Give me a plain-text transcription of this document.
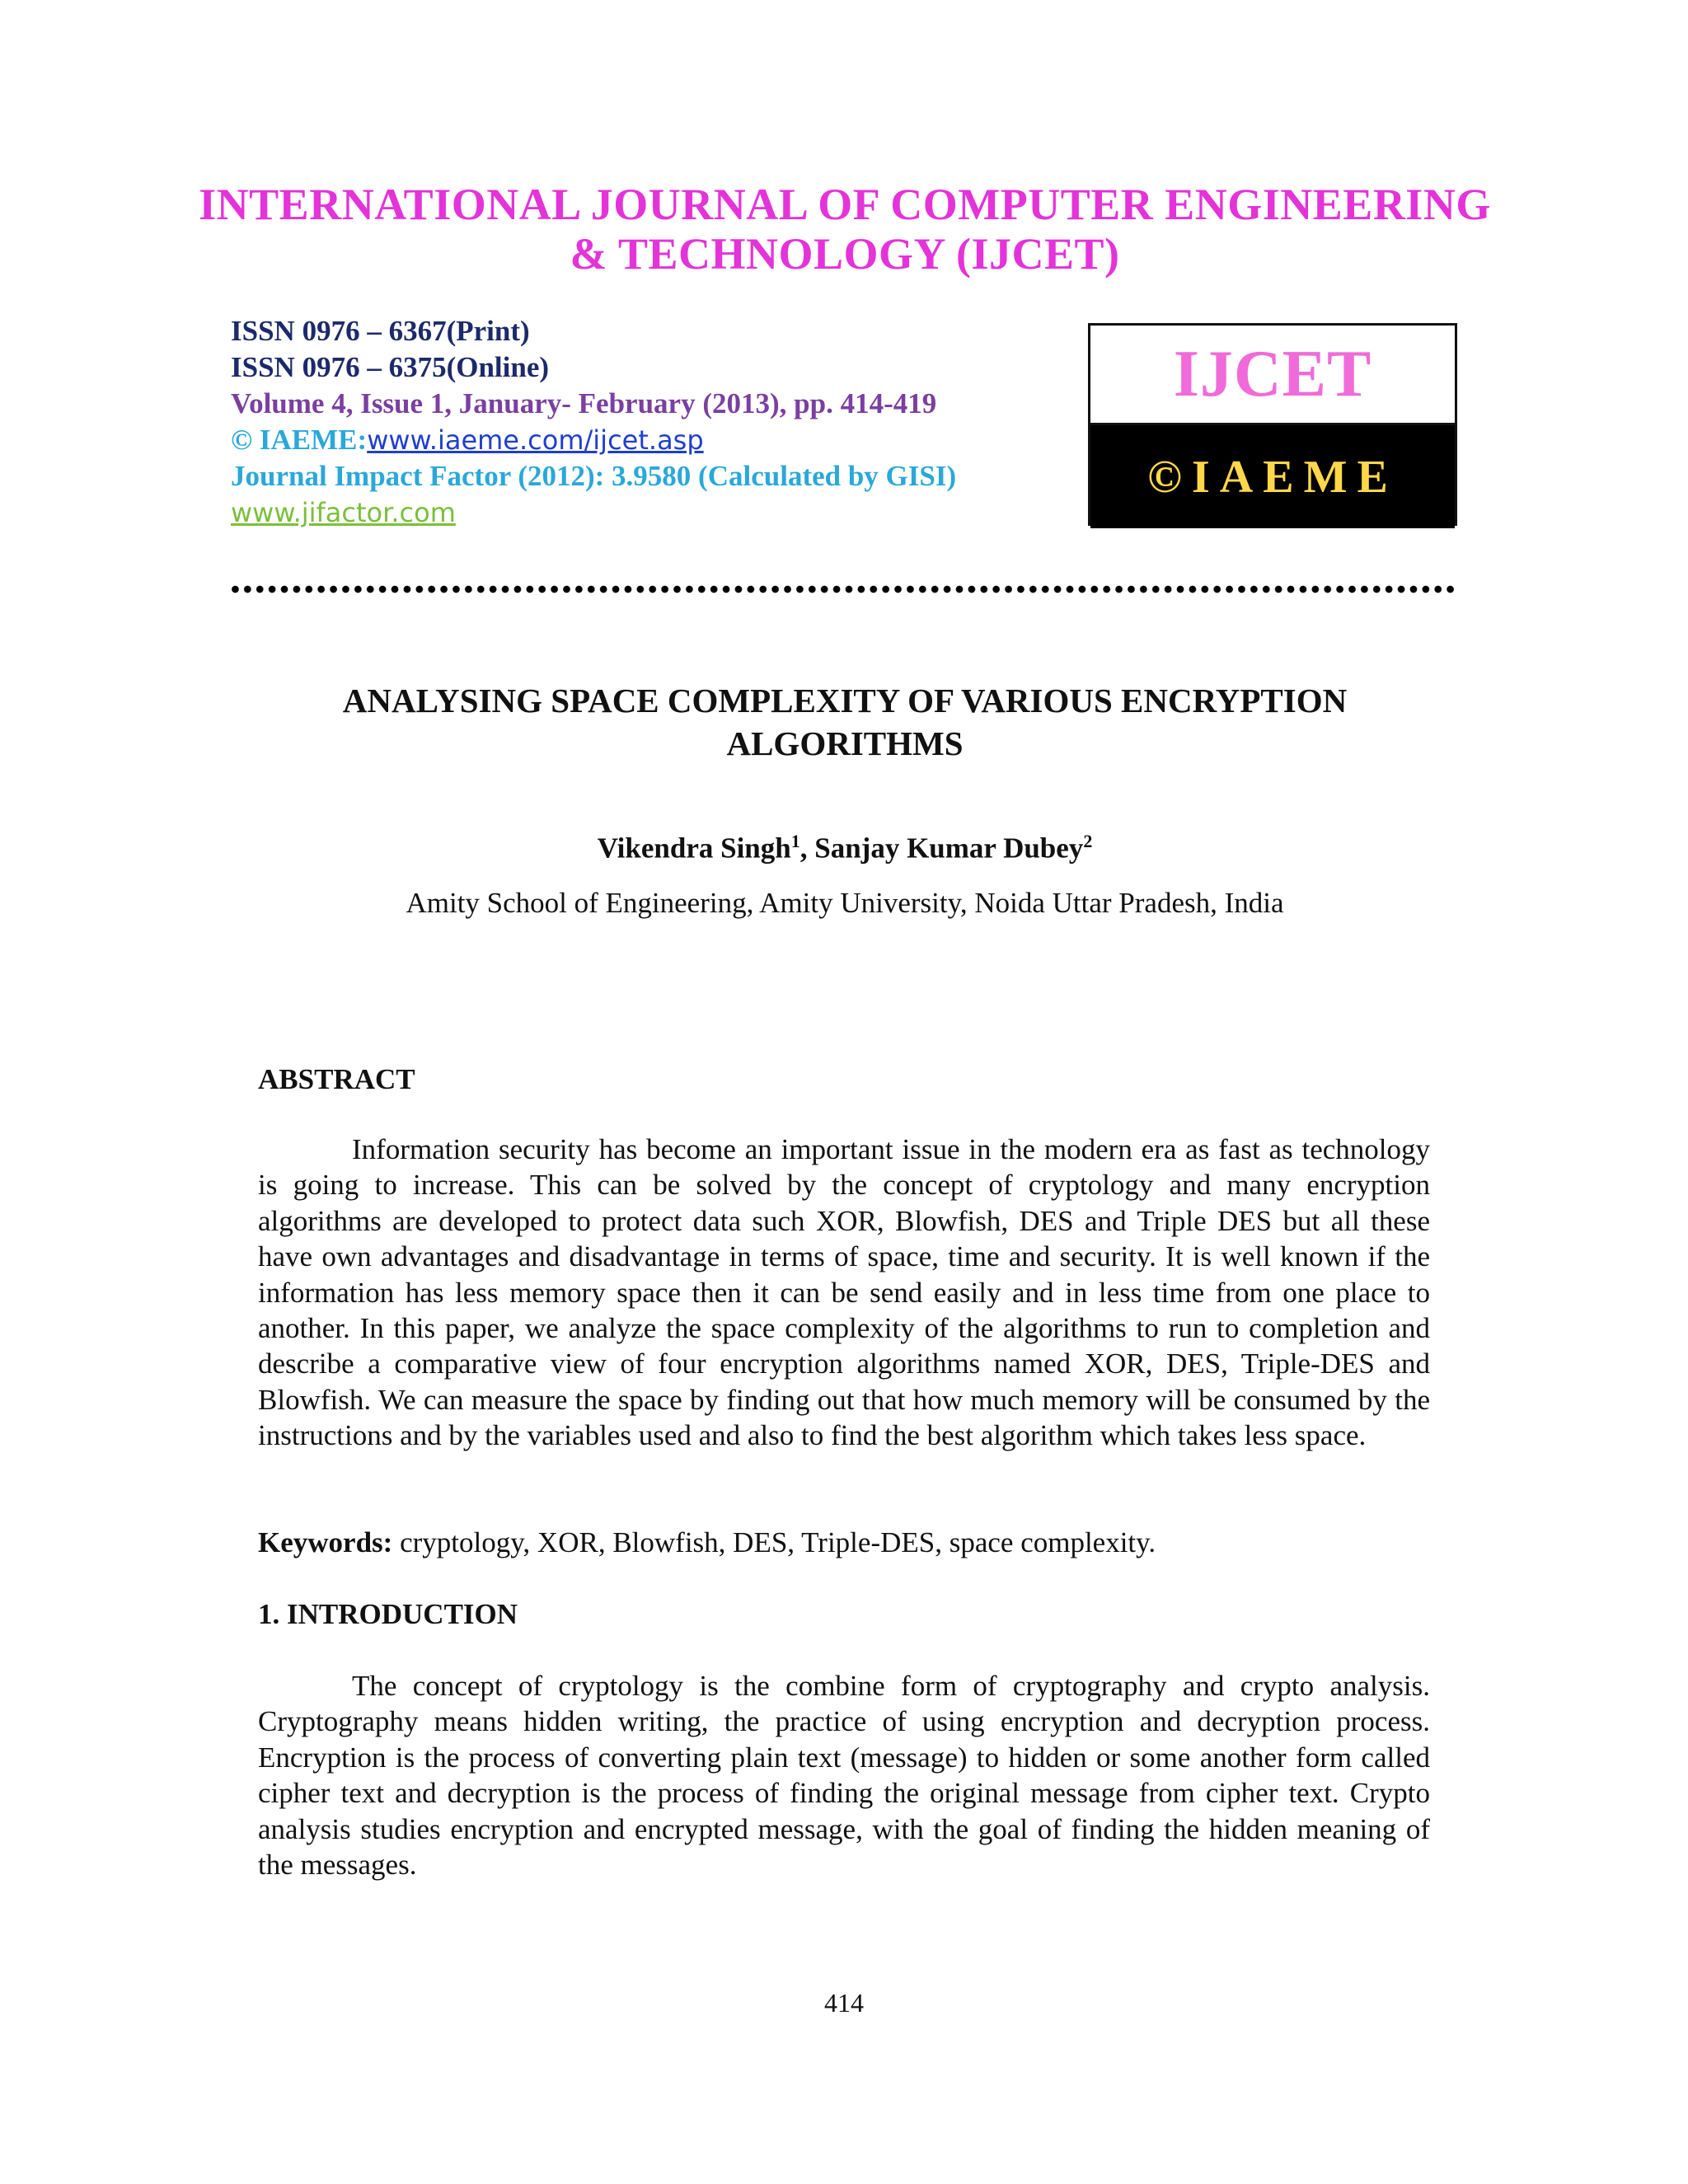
INTERNATIONAL JOURNAL OF COMPUTER ENGINEERING
& TECHNOLOGY (IJCET)
ISSN 0976 – 6367(Print)
ISSN 0976 – 6375(Online)
Volume 4, Issue 1, January- February (2013), pp. 414-419
© IAEME:www.iaeme.com/ijcet.asp
Journal Impact Factor (2012): 3.9580 (Calculated by GISI)
www.jifactor.com
IJCET
©IAEME
ANALYSING SPACE COMPLEXITY OF VARIOUS ENCRYPTION
ALGORITHMS
Vikendra Singh$^1$, Sanjay Kumar Dubey$^2$
Amity School of Engineering, Amity University, Noida Uttar Pradesh, India
ABSTRACT

Information security has become an important issue in the modern era as fast as technology is going to increase. This can be solved by the concept of cryptology and many encryption algorithms are developed to protect data such XOR, Blowfish, DES and Triple DES but all these have own advantages and disadvantage in terms of space, time and security. It is well known if the information has less memory space then it can be send easily and in less time from one place to another. In this paper, we analyze the space complexity of the algorithms to run to completion and describe a comparative view of four encryption algorithms named XOR, DES, Triple-DES and Blowfish. We can measure the space by finding out that how much memory will be consumed by the instructions and by the variables used and also to find the best algorithm which takes less space.

Keywords: cryptology, XOR, Blowfish, DES, Triple-DES, space complexity.
1. INTRODUCTION

The concept of cryptology is the combine form of cryptography and crypto analysis. Cryptography means hidden writing, the practice of using encryption and decryption process. Encryption is the process of converting plain text (message) to hidden or some another form called cipher text and decryption is the process of finding the original message from cipher text. Crypto analysis studies encryption and encrypted message, with the goal of finding the hidden meaning of the messages.

414
